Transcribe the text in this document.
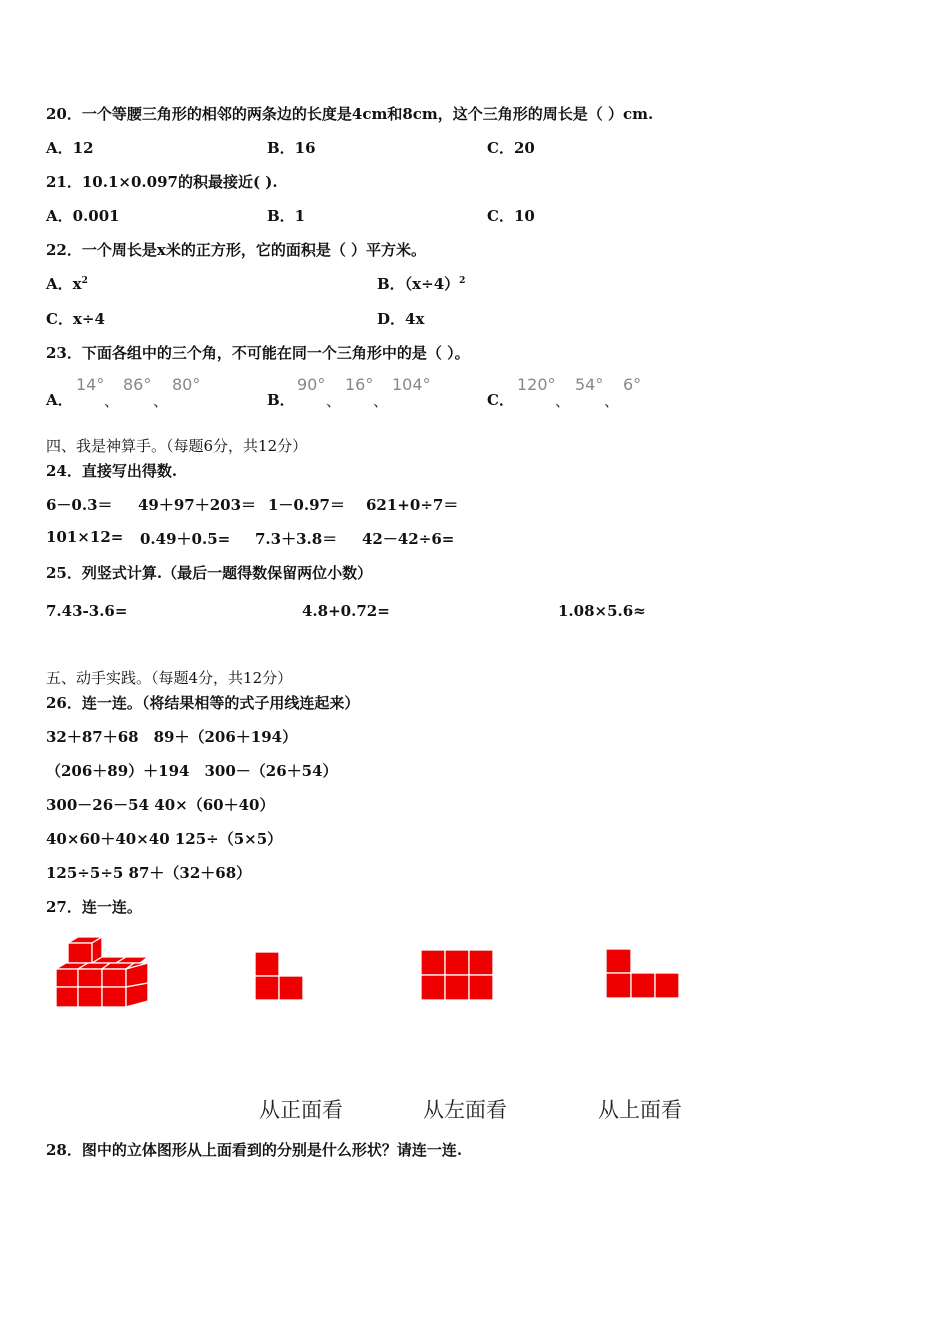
20．一个等腰三角形的相邻的两条边的长度是4cm和8cm，这个三角形的周长是（ ）cm.
A．12	B．16	C．20
21．10.1×0.097的积最接近( ).
A．0.001	B．1	C．10
22．一个周长是x米的正方形，它的面积是（ ）平方米。
A．$x^2$	B．$(x\div 4)^2$
C．x÷4	D．4x
23．下面各组中的三个角，不可能在同一个三角形中的是（ ）。
A．
14°
、
86°
、
80°
B．
90°
、
16°
、
104°
C．
120°
、
54°
、
6°
四、我是神算手。（每题6分，共12分）
24．直接写出得数.
6－0.3＝ 49＋97＋203＝ 1－0.97＝ 621+0÷7＝
101×12= 0.49＋0.5= 7.3＋3.8＝ 42－42÷6=
25．列竖式计算.（最后一题得数保留两位小数）
7.43-3.6=	4.8+0.72=	1.08×5.6≈
五、动手实践。（每题4分，共12分）
26．连一连。（将结果相等的式子用线连起来）
32＋87＋68　89＋（206＋194）
（206＋89）＋194　300－（26＋54）
300－26－54 40×（60＋40）
40×60＋40×40 125÷（5×5）
125÷5÷5 87＋（32＋68）
27．连一连。
从正面看	从左面看	从上面看
28．图中的立体图形从上面看到的分别是什么形状？请连一连.
